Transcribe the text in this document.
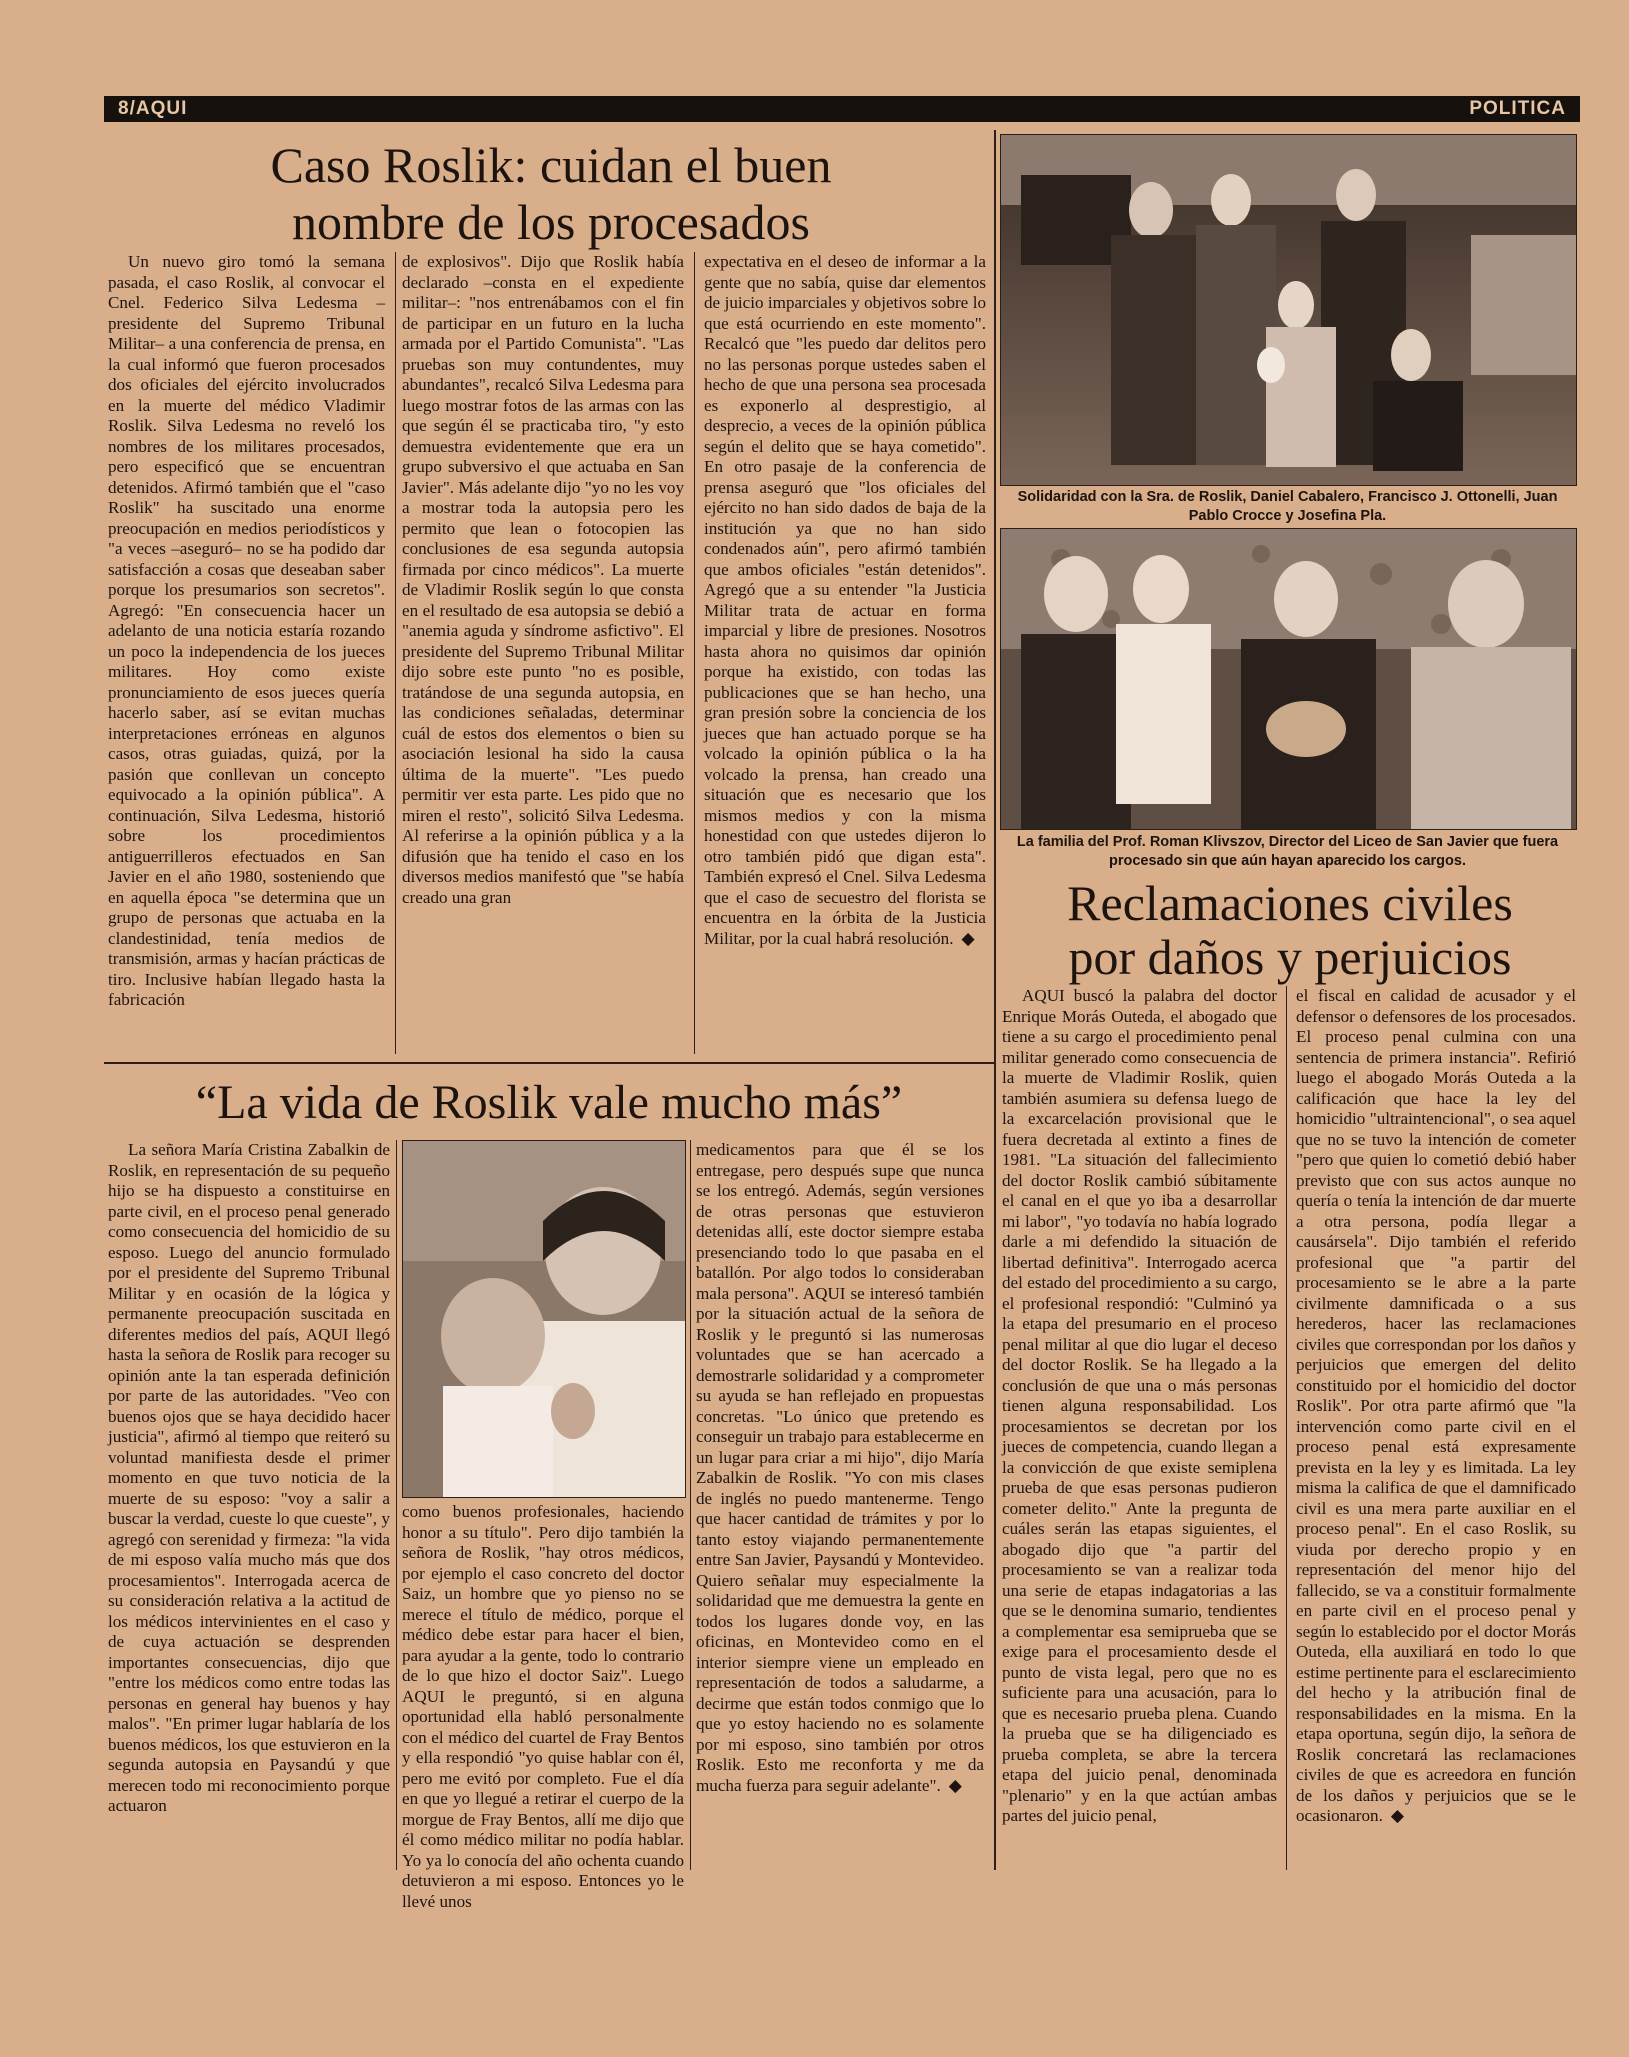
8/AQUI	POLITICA
Caso Roslik: cuidan el buen
nombre de los procesados

Un nuevo giro tomó la semana pasada, el caso Roslik, al convocar el Cnel. Federico Silva Ledesma –presidente del Supremo Tribunal Militar– a una conferencia de prensa, en la cual informó que fueron procesados dos oficiales del ejército involucrados en la muerte del médico Vladimir Roslik. Silva Ledesma no reveló los nombres de los militares procesados, pero especificó que se encuentran detenidos. Afirmó también que el "caso Roslik" ha suscitado una enorme preocupación en medios periodísticos y "a veces –aseguró– no se ha podido dar satisfacción a cosas que deseaban saber porque los presumarios son secretos". Agregó: "En consecuencia hacer un adelanto de una noticia estaría rozando un poco la independencia de los jueces militares. Hoy como existe pronunciamiento de esos jueces quería hacerlo saber, así se evitan muchas interpretaciones erróneas en algunos casos, otras guiadas, quizá, por la pasión que conllevan un concepto equivocado a la opinión pública". A continuación, Silva Ledesma, historió sobre los procedimientos antiguerrilleros efectuados en San Javier en el año 1980, sosteniendo que en aquella época "se determina que un grupo de personas que actuaba en la clandestinidad, tenía medios de transmisión, armas y hacían prácticas de tiro. Inclusive habían llegado hasta la fabricación

de explosivos". Dijo que Roslik había declarado –consta en el expediente militar–: "nos entrenábamos con el fin de participar en un futuro en la lucha armada por el Partido Comunista". "Las pruebas son muy contundentes, muy abundantes", recalcó Silva Ledesma para luego mostrar fotos de las armas con las que según él se practicaba tiro, "y esto demuestra evidentemente que era un grupo subversivo el que actuaba en San Javier". Más adelante dijo "yo no les voy a mostrar toda la autopsia pero les permito que lean o fotocopien las conclusiones de esa segunda autopsia firmada por cinco médicos". La muerte de Vladimir Roslik según lo que consta en el resultado de esa autopsia se debió a "anemia aguda y síndrome asfictivo". El presidente del Supremo Tribunal Militar dijo sobre este punto "no es posible, tratándose de una segunda autopsia, en las condiciones señaladas, determinar cuál de estos dos elementos o bien su asociación lesional ha sido la causa última de la muerte". "Les puedo permitir ver esta parte. Les pido que no miren el resto", solicitó Silva Ledesma. Al referirse a la opinión pública y a la difusión que ha tenido el caso en los diversos medios manifestó que "se había creado una gran

expectativa en el deseo de informar a la gente que no sabía, quise dar elementos de juicio imparciales y objetivos sobre lo que está ocurriendo en este momento". Recalcó que "les puedo dar delitos pero no las personas porque ustedes saben el hecho de que una persona sea procesada es exponerlo al desprestigio, al desprecio, a veces de la opinión pública según el delito que se haya cometido". En otro pasaje de la conferencia de prensa aseguró que "los oficiales del ejército no han sido dados de baja de la institución ya que no han sido condenados aún", pero afirmó también que ambos oficiales "están detenidos". Agregó que a su entender "la Justicia Militar trata de actuar en forma imparcial y libre de presiones. Nosotros hasta ahora no quisimos dar opinión porque ha existido, con todas las publicaciones que se han hecho, una gran presión sobre la conciencia de los jueces que han actuado porque se ha volcado la opinión pública o la ha volcado la prensa, han creado una situación que es necesario que los mismos medios y con la misma honestidad con que ustedes dijeron lo otro también pidó que digan esta". También expresó el Cnel. Silva Ledesma que el caso de secuestro del florista se encuentra en la órbita de la Justicia Militar, por la cual habrá resolución. ◆

Solidaridad con la Sra. de Roslik, Daniel Cabalero, Francisco J. Ottonelli, Juan Pablo Crocce y Josefina Pla.
La familia del Prof. Roman Klivszov, Director del Liceo de San Javier que fuera procesado sin que aún hayan aparecido los cargos.
Reclamaciones civiles
por daños y perjuicios

AQUI buscó la palabra del doctor Enrique Morás Outeda, el abogado que tiene a su cargo el procedimiento penal militar generado como consecuencia de la muerte de Vladimir Roslik, quien también asumiera su defensa luego de la excarcelación provisional que le fuera decretada al extinto a fines de 1981. "La situación del fallecimiento del doctor Roslik cambió súbitamente el canal en el que yo iba a desarrollar mi labor", "yo todavía no había logrado darle a mi defendido la situación de libertad definitiva". Interrogado acerca del estado del procedimiento a su cargo, el profesional respondió: "Culminó ya la etapa del presumario en el proceso penal militar al que dio lugar el deceso del doctor Roslik. Se ha llegado a la conclusión de que una o más personas tienen alguna responsabilidad. Los procesamientos se decretan por los jueces de competencia, cuando llegan a la convicción de que existe semiplena prueba de que esas personas pudieron cometer delito." Ante la pregunta de cuáles serán las etapas siguientes, el abogado dijo que "a partir del procesamiento se van a realizar toda una serie de etapas indagatorias a las que se le denomina sumario, tendientes a complementar esa semiprueba que se exige para el procesamiento desde el punto de vista legal, pero que no es suficiente para una acusación, para lo que es necesario prueba plena. Cuando la prueba que se ha diligenciado es prueba completa, se abre la tercera etapa del juicio penal, denominada "plenario" y en la que actúan ambas partes del juicio penal,

el fiscal en calidad de acusador y el defensor o defensores de los procesados. El proceso penal culmina con una sentencia de primera instancia". Refirió luego el abogado Morás Outeda a la calificación que hace la ley del homicidio "ultraintencional", o sea aquel que no se tuvo la intención de cometer "pero que quien lo cometió debió haber previsto que con sus actos aunque no quería o tenía la intención de dar muerte a otra persona, podía llegar a causársela". Dijo también el referido profesional que "a partir del procesamiento se le abre a la parte civilmente damnificada o a sus herederos, hacer las reclamaciones civiles que correspondan por los daños y perjuicios que emergen del delito constituido por el homicidio del doctor Roslik". Por otra parte afirmó que "la intervención como parte civil en el proceso penal está expresamente prevista en la ley y es limitada. La ley misma la califica de que el damnificado civil es una mera parte auxiliar en el proceso penal". En el caso Roslik, su viuda por derecho propio y en representación del menor hijo del fallecido, se va a constituir formalmente en parte civil en el proceso penal y según lo establecido por el doctor Morás Outeda, ella auxiliará en todo lo que estime pertinente para el esclarecimiento del hecho y la atribución final de responsabilidades en la misma. En la etapa oportuna, según dijo, la señora de Roslik concretará las reclamaciones civiles de que es acreedora en función de los daños y perjuicios que se le ocasionaron. ◆

“La vida de Roslik vale mucho más”

La señora María Cristina Zabalkin de Roslik, en representación de su pequeño hijo se ha dispuesto a constituirse en parte civil, en el proceso penal generado como consecuencia del homicidio de su esposo. Luego del anuncio formulado por el presidente del Supremo Tribunal Militar y en ocasión de la lógica y permanente preocupación suscitada en diferentes medios del país, AQUI llegó hasta la señora de Roslik para recoger su opinión ante la tan esperada definición por parte de las autoridades. "Veo con buenos ojos que se haya decidido hacer justicia", afirmó al tiempo que reiteró su voluntad manifiesta desde el primer momento en que tuvo noticia de la muerte de su esposo: "voy a salir a buscar la verdad, cueste lo que cueste", y agregó con serenidad y firmeza: "la vida de mi esposo valía mucho más que dos procesamientos". Interrogada acerca de su consideración relativa a la actitud de los médicos intervinientes en el caso y de cuya actuación se desprenden importantes consecuencias, dijo que "entre los médicos como entre todas las personas en general hay buenos y hay malos". "En primer lugar hablaría de los buenos médicos, los que estuvieron en la segunda autopsia en Paysandú y que merecen todo mi reconocimiento porque actuaron

como buenos profesionales, haciendo honor a su título". Pero dijo también la señora de Roslik, "hay otros médicos, por ejemplo el caso concreto del doctor Saiz, un hombre que yo pienso no se merece el título de médico, porque el médico debe estar para hacer el bien, para ayudar a la gente, todo lo contrario de lo que hizo el doctor Saiz". Luego AQUI le preguntó, si en alguna oportunidad ella habló personalmente con el médico del cuartel de Fray Bentos y ella respondió "yo quise hablar con él, pero me evitó por completo. Fue el día en que yo llegué a retirar el cuerpo de la morgue de Fray Bentos, allí me dijo que él como médico militar no podía hablar. Yo ya lo conocía del año ochenta cuando detuvieron a mi esposo. Entonces yo le llevé unos

medicamentos para que él se los entregase, pero después supe que nunca se los entregó. Además, según versiones de otras personas que estuvieron detenidas allí, este doctor siempre estaba presenciando todo lo que pasaba en el batallón. Por algo todos lo consideraban mala persona". AQUI se interesó también por la situación actual de la señora de Roslik y le preguntó si las numerosas voluntades que se han acercado a demostrarle solidaridad y a comprometer su ayuda se han reflejado en propuestas concretas. "Lo único que pretendo es conseguir un trabajo para establecerme en un lugar para criar a mi hijo", dijo María Zabalkin de Roslik. "Yo con mis clases de inglés no puedo mantenerme. Tengo que hacer cantidad de trámites y por lo tanto estoy viajando permanentemente entre San Javier, Paysandú y Montevideo. Quiero señalar muy especialmente la solidaridad que me demuestra la gente en todos los lugares donde voy, en las oficinas, en Montevideo como en el interior siempre viene un empleado en representación de todos a saludarme, a decirme que están todos conmigo que lo que yo estoy haciendo no es solamente por mi esposo, sino también por otros Roslik. Esto me reconforta y me da mucha fuerza para seguir adelante". ◆
